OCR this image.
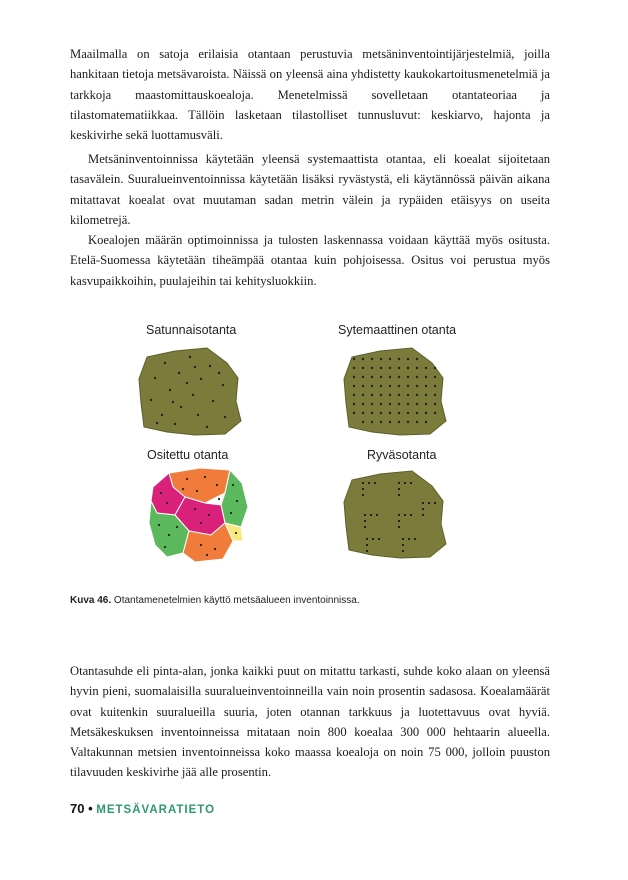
Maailmalla on satoja erilaisia otantaan perustuvia metsäninventointijärjestelmiä, joilla hankitaan tietoja metsävaroista. Näissä on yleensä aina yhdistetty kaukokartoitusmenetelmiä ja tarkkoja maastomittauskoealoja. Menetelmissä sovelletaan otantateoriaa ja tilastomatematiikkaa. Tällöin lasketaan tilastolliset tunnusluvut: keskiarvo, hajonta ja keskivirhe sekä luottamusväli.

Metsäninventoinnissa käytetään yleensä systemaattista otantaa, eli koealat sijoitetaan tasavälein. Suuralueinventoinnissa käytetään lisäksi ryvästystä, eli käytännössä päivän aikana mitattavat koealat ovat muutaman sadan metrin välein ja rypäiden etäisyys on useita kilometrejä.

Koealojen määrän optimoinnissa ja tulosten laskennassa voidaan käyttää myös ositusta. Etelä-Suomessa käytetään tiheämpää otantaa kuin pohjoisessa. Ositus voi perustua myös kasvupaikkoihin, puulajeihin tai kehitysluokkiin.

Satunnaisotanta	Sytemaattinen otanta
Ositettu otanta	Ryväsotanta
Kuva 46. Otantamenetelmien käyttö metsäalueen inventoinnissa.

Otantasuhde eli pinta-alan, jonka kaikki puut on mitattu tarkasti, suhde koko alaan on yleensä hyvin pieni, suomalaisilla suuralueinventoinneilla vain noin prosentin sadasosa. Koealamäärät ovat kuitenkin suuralueilla suuria, joten otannan tarkkuus ja luotettavuus ovat hyviä. Metsäkeskuksen inventoinneissa mitataan noin 800 koealaa 300 000 hehtaarin alueella. Valtakunnan metsien inventoinneissa koko maassa koealoja on noin 75 000, jolloin puuston tilavuuden keskivirhe jää alle prosentin.

70 • METSÄVARATIETO
